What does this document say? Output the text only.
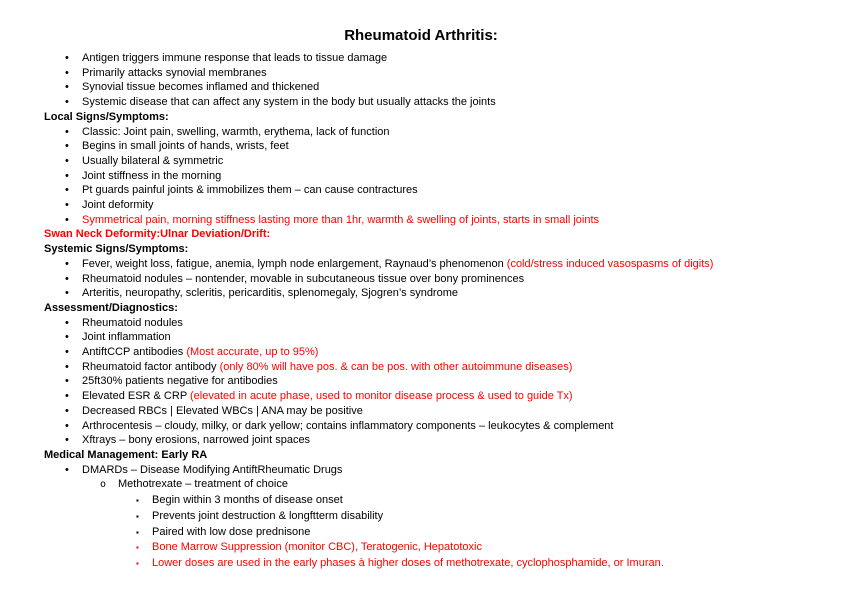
Rheumatoid Arthritis:
•	Antigen triggers immune response that leads to tissue damage
•	Primarily attacks synovial membranes
•	Synovial tissue becomes inflamed and thickened
•	Systemic disease that can affect any system in the body but usually attacks the joints
Local Signs/Symptoms:
•	Classic: Joint pain, swelling, warmth, erythema, lack of function
•	Begins in small joints of hands, wrists, feet
•	Usually bilateral & symmetric
•	Joint stiffness in the morning
•	Pt guards painful joints & immobilizes them – can cause contractures
•	Joint deformity
•	Symmetrical pain, morning stiffness lasting more than 1hr, warmth & swelling of joints, starts in small joints
Swan Neck Deformity:Ulnar Deviation/Drift:
Systemic Signs/Symptoms:
•	Fever, weight loss, fatigue, anemia, lymph node enlargement, Raynaud’s phenomenon (cold/stress induced vasospasms of digits)
•	Rheumatoid nodules – nontender, movable in subcutaneous tissue over bony prominences
•	Arteritis, neuropathy, scleritis, pericarditis, splenomegaly, Sjogren’s syndrome
Assessment/Diagnostics:
•	Rheumatoid nodules
•	Joint inflammation
•	AntiftCCP antibodies (Most accurate, up to 95%)
•	Rheumatoid factor antibody (only 80% will have pos. & can be pos. with other autoimmune diseases)
•	25ft30% patients negative for antibodies
•	Elevated ESR & CRP (elevated in acute phase, used to monitor disease process & used to guide Tx)
•	Decreased RBCs | Elevated WBCs | ANA may be positive
•	Arthrocentesis – cloudy, milky, or dark yellow; contains inflammatory components – leukocytes & complement
•	Xftrays – bony erosions, narrowed joint spaces
Medical Management: Early RA
•	DMARDs – Disease Modifying AntiftRheumatic Drugs
o	Methotrexate – treatment of choice
▪	Begin within 3 months of disease onset
▪	Prevents joint destruction & longftterm disability
▪	Paired with low dose prednisone
▪	Bone Marrow Suppression (monitor CBC), Teratogenic, Hepatotoxic
▪	Lower doses are used in the early phases à higher doses of methotrexate, cyclophosphamide, or Imuran.
